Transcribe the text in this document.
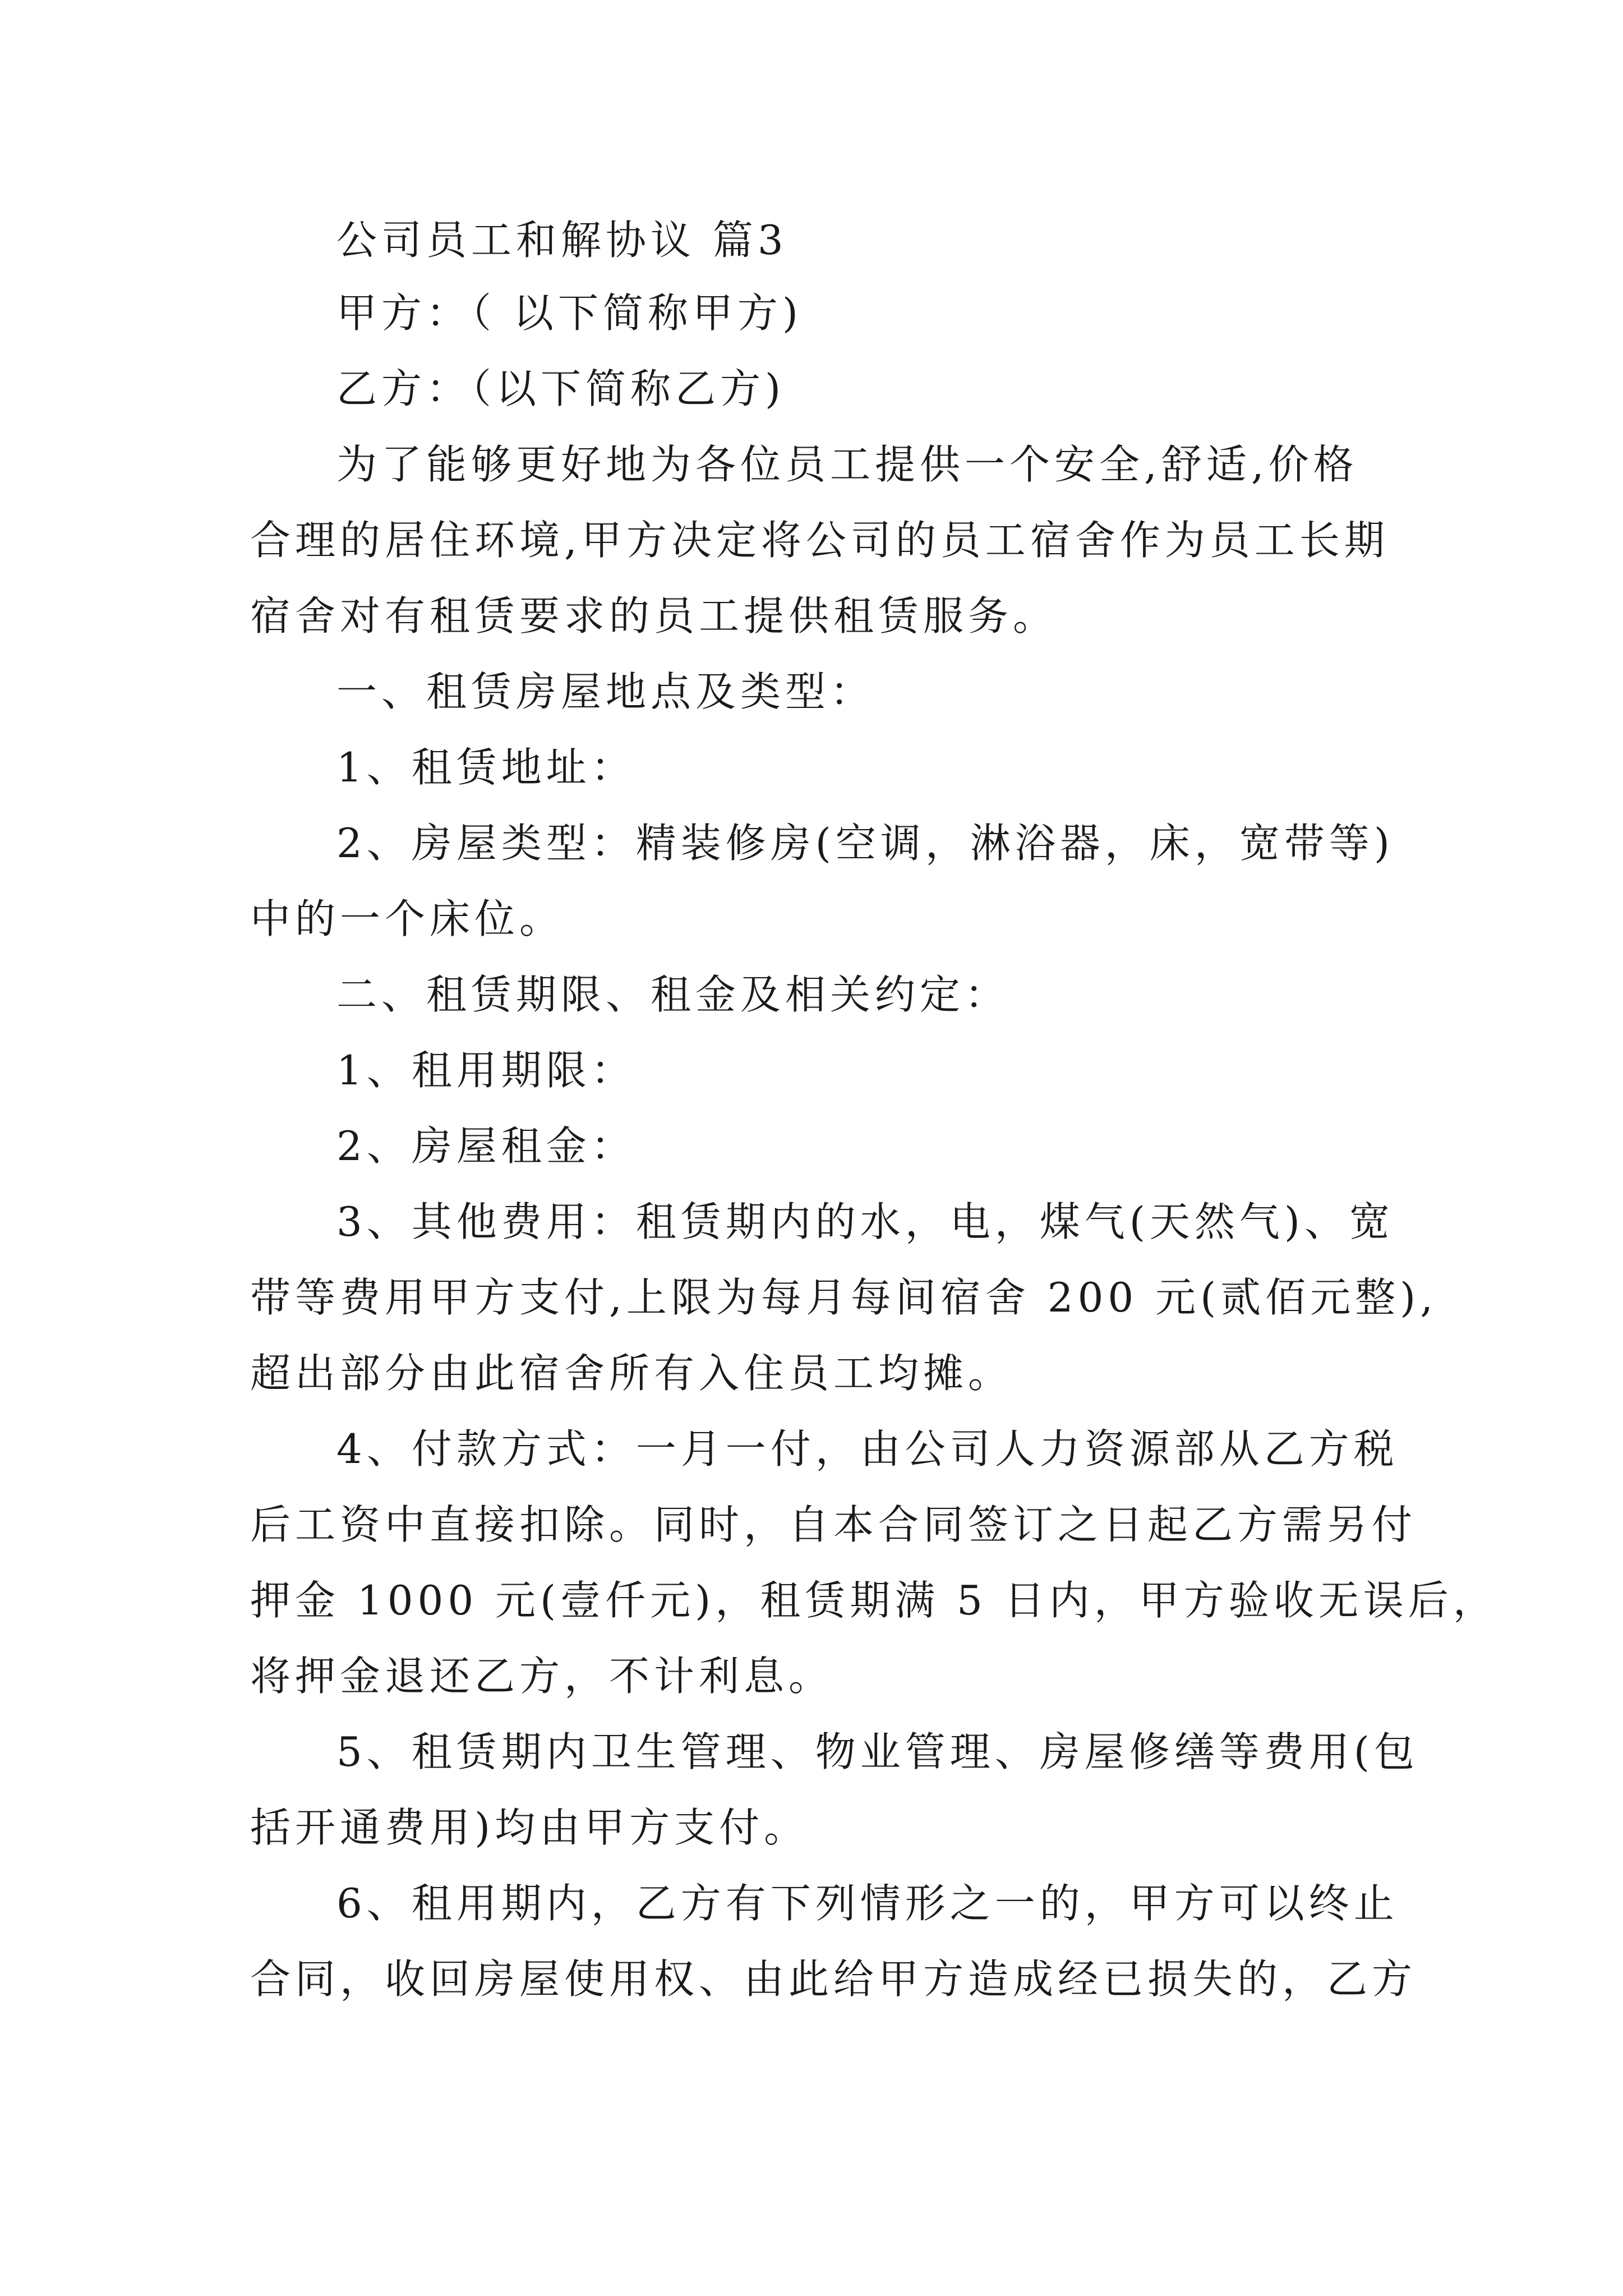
公司员工和解协议 篇3
甲方：（ 以下简称甲方)
乙方：（以下简称乙方)
为了能够更好地为各位员工提供一个安全,舒适,价格
合理的居住环境,甲方决定将公司的员工宿舍作为员工长期
宿舍对有租赁要求的员工提供租赁服务。
一、租赁房屋地点及类型：
1、租赁地址：
2、房屋类型：精装修房(空调，淋浴器，床，宽带等)
中的一个床位。
二、租赁期限、租金及相关约定：
1、租用期限：
2、房屋租金：
3、其他费用：租赁期内的水，电，煤气(天然气)、宽
带等费用甲方支付,上限为每月每间宿舍 200 元(贰佰元整),
超出部分由此宿舍所有入住员工均摊。
4、付款方式：一月一付，由公司人力资源部从乙方税
后工资中直接扣除。同时，自本合同签订之日起乙方需另付
押金 1000 元(壹仟元)，租赁期满 5 日内，甲方验收无误后，
将押金退还乙方，不计利息。
5、租赁期内卫生管理、物业管理、房屋修缮等费用(包
括开通费用)均由甲方支付。
6、租用期内，乙方有下列情形之一的，甲方可以终止
合同，收回房屋使用权、由此给甲方造成经已损失的，乙方
